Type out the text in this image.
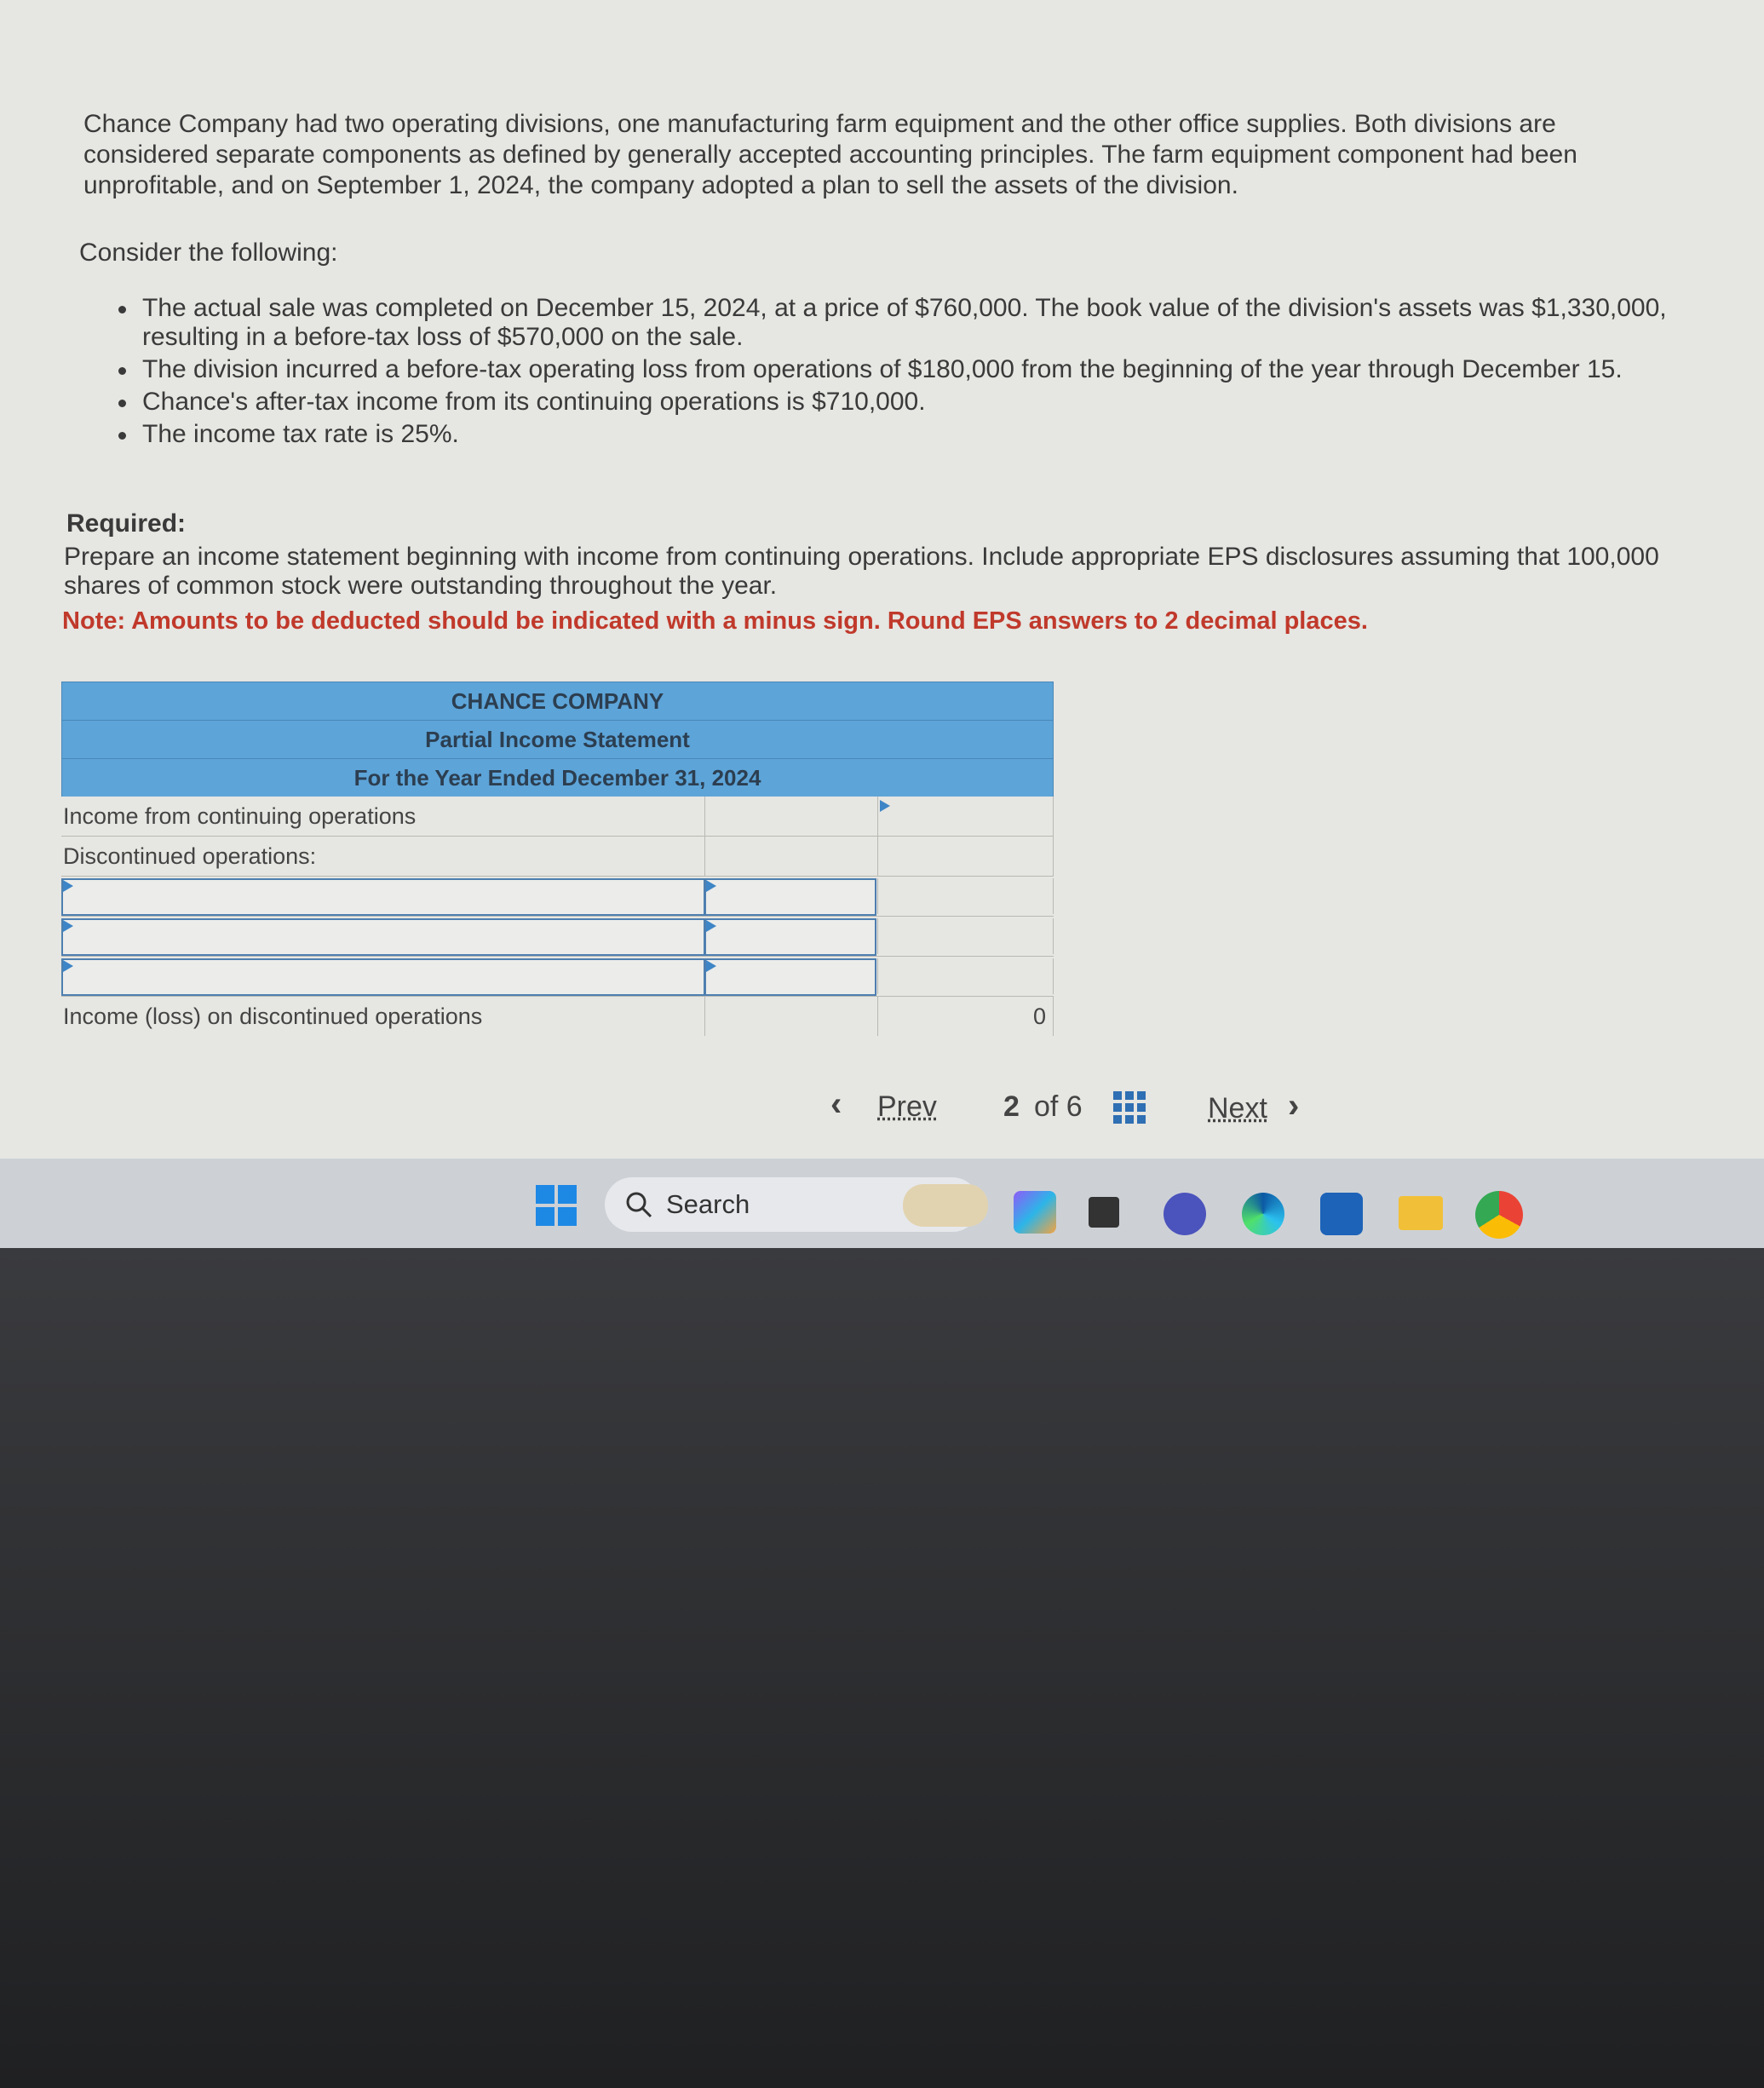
Chance Company had two operating divisions, one manufacturing farm equipment and the other office supplies. Both divisions are considered separate components as defined by generally accepted accounting principles. The farm equipment component had been unprofitable, and on September 1, 2024, the company adopted a plan to sell the assets of the division.

Consider the following:

The actual sale was completed on December 15, 2024, at a price of $760,000. The book value of the division's assets was $1,330,000, resulting in a before-tax loss of $570,000 on the sale.
The division incurred a before-tax operating loss from operations of $180,000 from the beginning of the year through December 15.
Chance's after-tax income from its continuing operations is $710,000.
The income tax rate is 25%.
Required:
Prepare an income statement beginning with income from continuing operations. Include appropriate EPS disclosures assuming that 100,000 shares of common stock were outstanding throughout the year.
Note: Amounts to be deducted should be indicated with a minus sign. Round EPS answers to 2 decimal places.
CHANCE COMPANY
Partial Income Statement
For the Year Ended December 31, 2024
Income from continuing operations
Discontinued operations:
Income (loss) on discontinued operations	0
‹ Prev 2 of 6	Next ›
Search
